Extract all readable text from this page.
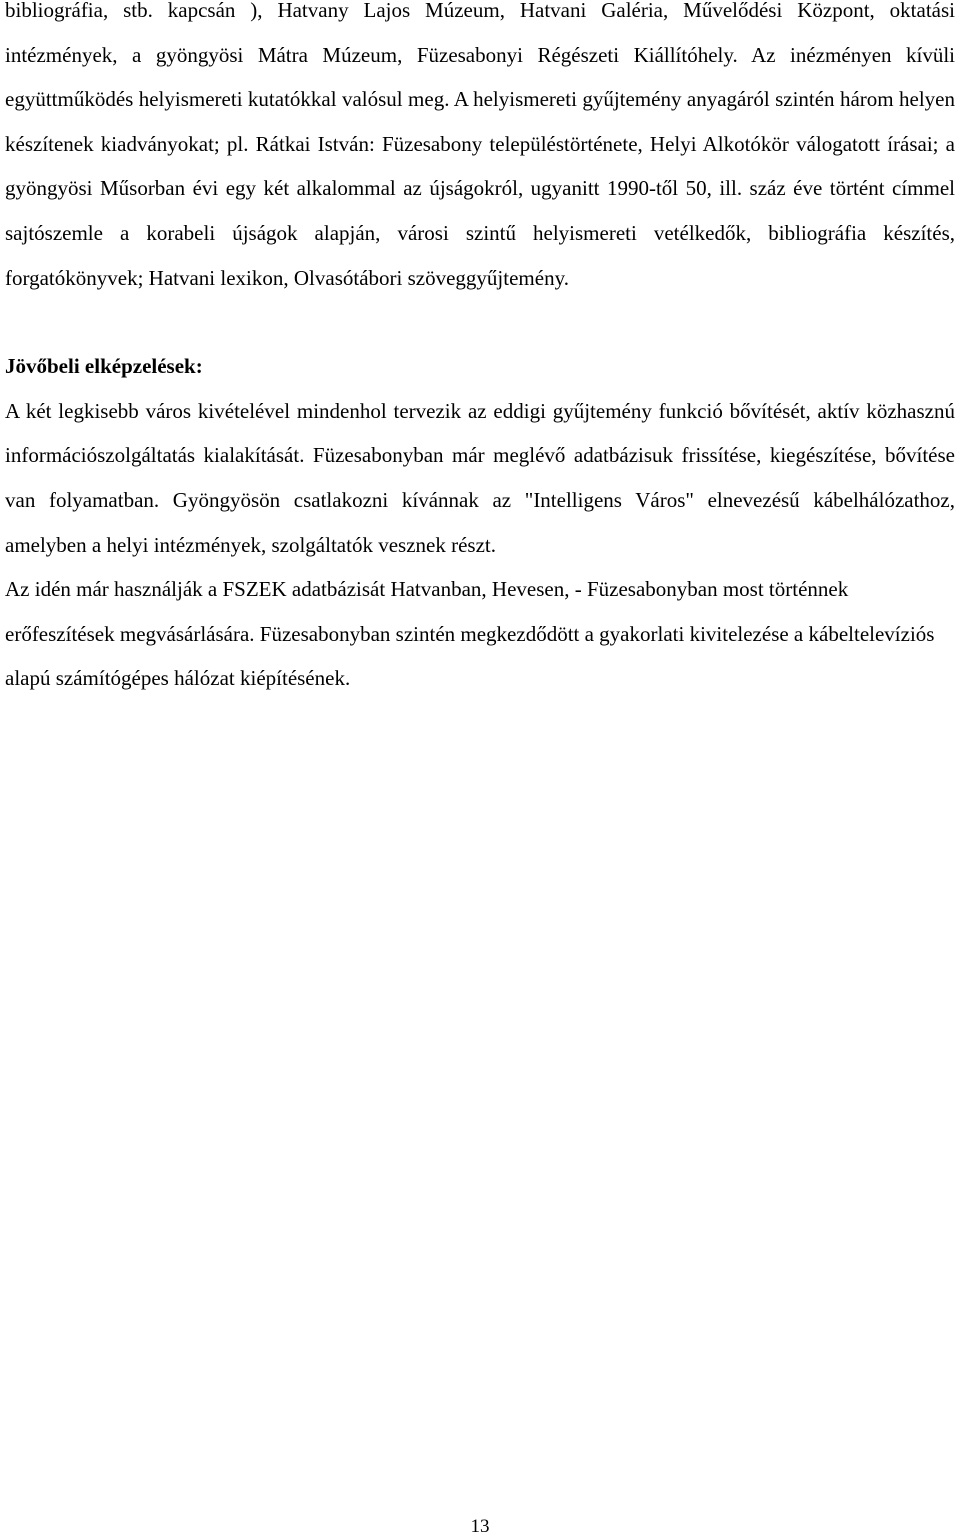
bibliográfia, stb. kapcsán ), Hatvany Lajos Múzeum, Hatvani Galéria, Művelődési Központ, oktatási intézmények, a gyöngyösi Mátra Múzeum, Füzesabonyi Régészeti Kiállítóhely. Az inézményen kívüli együttműködés helyismereti kutatókkal valósul meg. A helyismereti gyűjtemény anyagáról szintén három helyen készítenek kiadványokat; pl. Rátkai István: Füzesabony településtörténete, Helyi Alkotókör válogatott írásai; a gyöngyösi Műsorban évi egy két alkalommal az újságokról, ugyanitt 1990-től 50, ill. száz éve történt címmel sajtószemle a korabeli újságok alapján, városi szintű helyismereti vetélkedők, bibliográfia készítés, forgatókönyvek; Hatvani lexikon, Olvasótábori szöveggyűjtemény.

Jövőbeli elképzelések:

A két legkisebb város kivételével mindenhol tervezik az eddigi gyűjtemény funkció bővítését, aktív közhasznú információszolgáltatás kialakítását. Füzesabonyban már meglévő adatbázisuk frissítése, kiegészítése, bővítése van folyamatban. Gyöngyösön csatlakozni kívánnak az "Intelligens Város" elnevezésű kábelhálózathoz, amelyben a helyi intézmények, szolgáltatók vesznek részt.

Az idén már használják a FSZEK adatbázisát Hatvanban, Hevesen, - Füzesabonyban most történnek erőfeszítések megvásárlására. Füzesabonyban szintén megkezdődött a gyakorlati kivitelezése a kábeltelevíziós alapú számítógépes hálózat kiépítésének.

13
